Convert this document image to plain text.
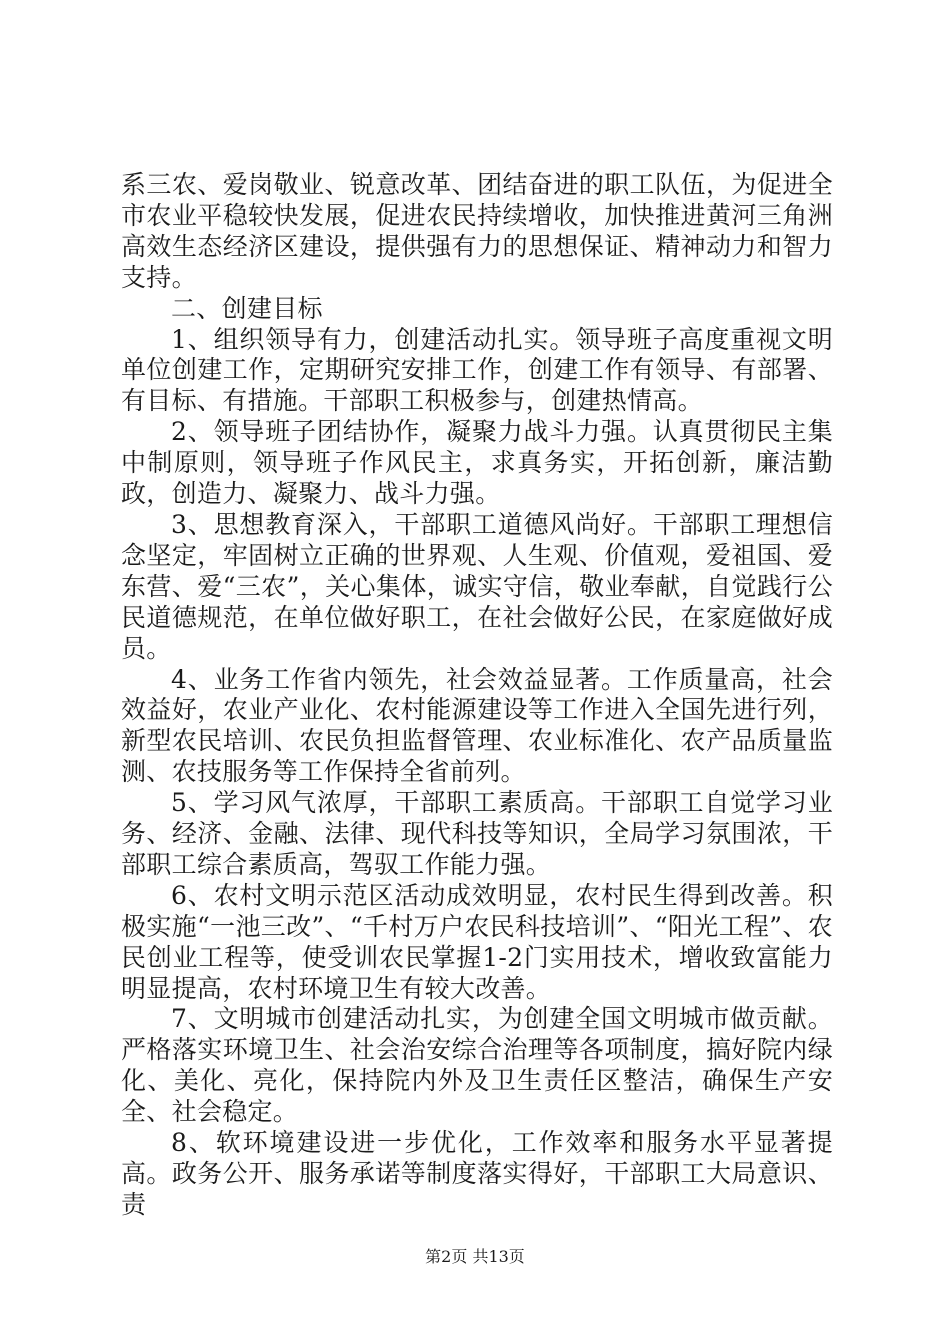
系三农、爱岗敬业、锐意改革、团结奋进的职工队伍，为促进全市农业平稳较快发展，促进农民持续增收，加快推进黄河三角洲高效生态经济区建设，提供强有力的思想保证、精神动力和智力支持。

二、创建目标

1、组织领导有力，创建活动扎实。领导班子高度重视文明单位创建工作，定期研究安排工作，创建工作有领导、有部署、有目标、有措施。干部职工积极参与，创建热情高。

2、领导班子团结协作，凝聚力战斗力强。认真贯彻民主集中制原则，领导班子作风民主，求真务实，开拓创新，廉洁勤政，创造力、凝聚力、战斗力强。

3、思想教育深入，干部职工道德风尚好。干部职工理想信念坚定，牢固树立正确的世界观、人生观、价值观，爱祖国、爱东营、爱“三农”，关心集体，诚实守信，敬业奉献，自觉践行公民道德规范，在单位做好职工，在社会做好公民，在家庭做好成员。

4、业务工作省内领先，社会效益显著。工作质量高，社会效益好，农业产业化、农村能源建设等工作进入全国先进行列，新型农民培训、农民负担监督管理、农业标准化、农产品质量监测、农技服务等工作保持全省前列。

5、学习风气浓厚，干部职工素质高。干部职工自觉学习业务、经济、金融、法律、现代科技等知识，全局学习氛围浓，干部职工综合素质高，驾驭工作能力强。

6、农村文明示范区活动成效明显，农村民生得到改善。积极实施“一池三改”、“千村万户农民科技培训”、“阳光工程”、农民创业工程等，使受训农民掌握1-2门实用技术，增收致富能力明显提高，农村环境卫生有较大改善。

7、文明城市创建活动扎实，为创建全国文明城市做贡献。严格落实环境卫生、社会治安综合治理等各项制度，搞好院内绿化、美化、亮化，保持院内外及卫生责任区整洁，确保生产安全、社会稳定。

8、软环境建设进一步优化，工作效率和服务水平显著提高。政务公开、服务承诺等制度落实得好，干部职工大局意识、责

第2页 共13页
